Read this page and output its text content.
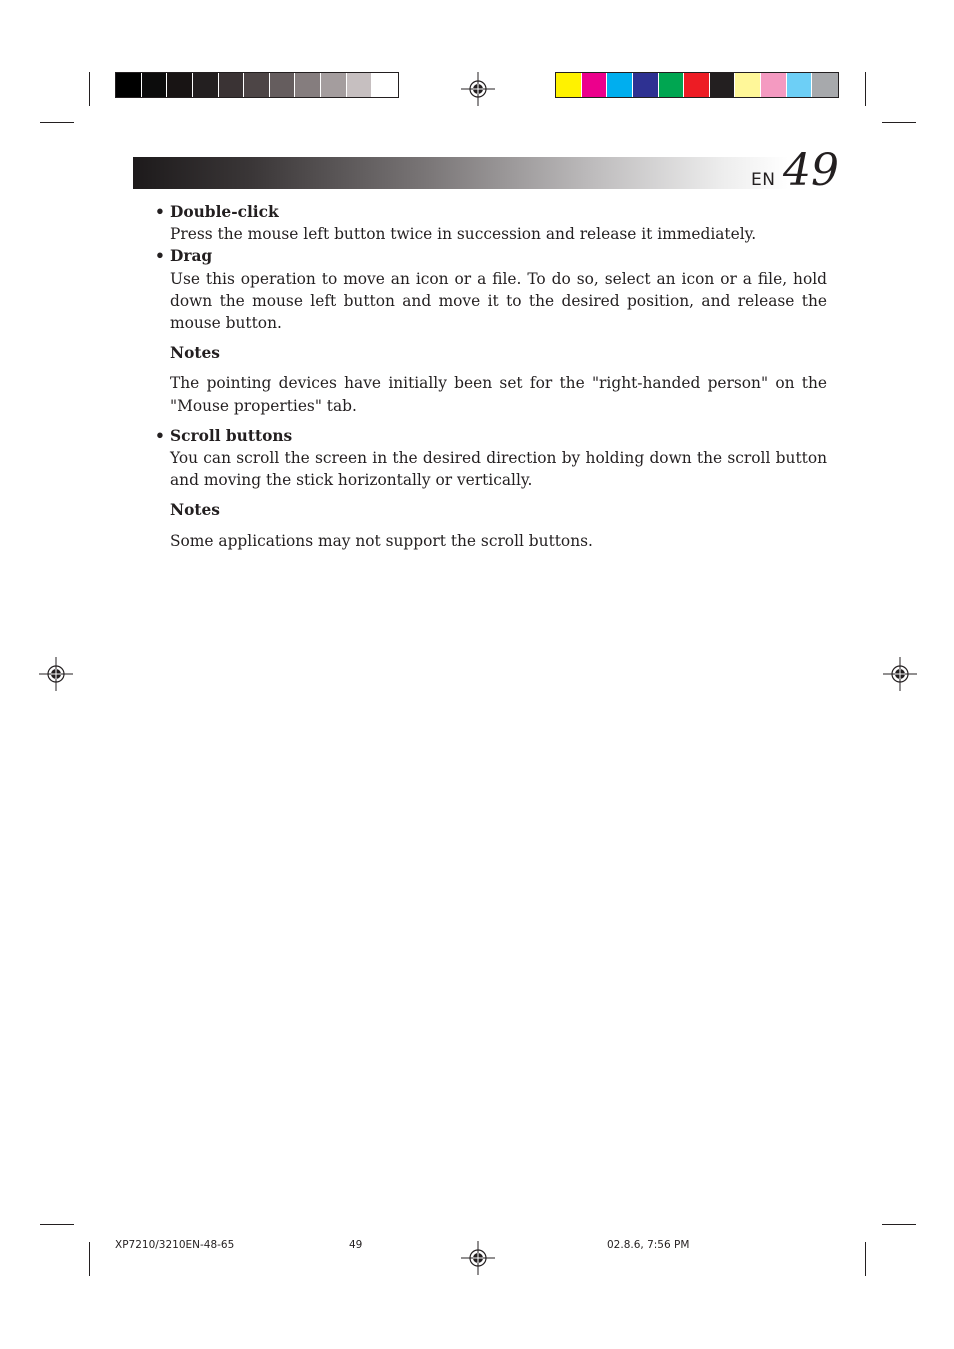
EN 49
• Double-click
Press the mouse left button twice in succession and release it immediately.
• Drag
Use this operation to move an icon or a file. To do so, select an icon or a file, hold down the mouse left button and move it to the desired position, and release the mouse button.
Notes
The pointing devices have initially been set for the "right-handed person" on the "Mouse properties" tab.
• Scroll buttons
You can scroll the screen in the desired direction by holding down the scroll button and moving the stick horizontally or vertically.
Notes
Some applications may not support the scroll buttons.
XP7210/3210EN-48-65	49	02.8.6, 7:56 PM
